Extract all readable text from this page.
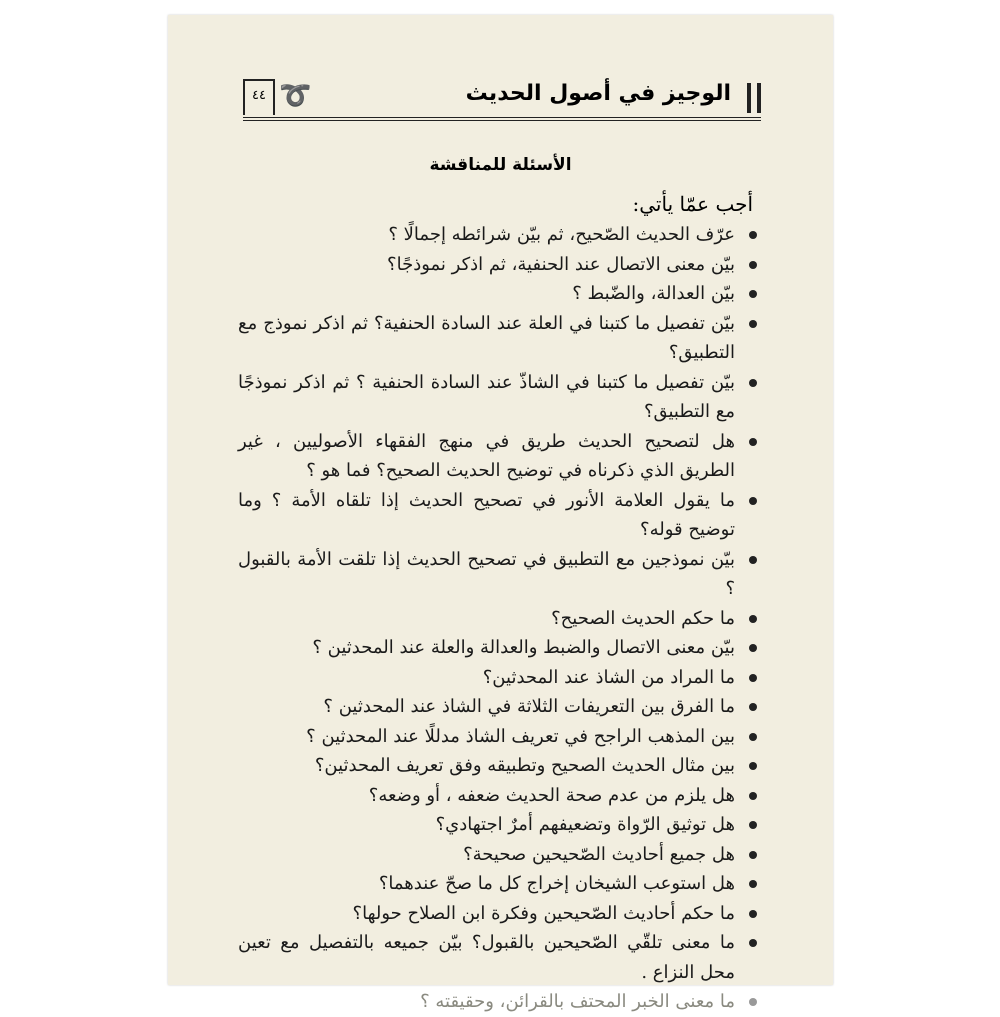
٤٤ ➰	الوجيز في أصول الحديث
الأسئلة للمناقشة
أجب عمّا يأتي:
عرّف الحديث الصّحيح، ثم بيّن شرائطه إجمالًا ؟
بيّن معنى الاتصال عند الحنفية، ثم اذكر نموذجًا؟
بيّن العدالة، والضّبط ؟
بيّن تفصيل ما كتبنا في العلة عند السادة الحنفية؟ ثم اذكر نموذج مع التطبيق؟
بيّن تفصيل ما كتبنا في الشاذّ عند السادة الحنفية ؟ ثم اذكر نموذجًا مع التطبيق؟
هل لتصحيح الحديث طريق في منهج الفقهاء الأصوليين ، غير الطريق الذي ذكرناه في توضيح الحديث الصحيح؟ فما هو ؟
ما يقول العلامة الأنور في تصحيح الحديث إذا تلقاه الأمة ؟ وما توضيح قوله؟
بيّن نموذجين مع التطبيق في تصحيح الحديث إذا تلقت الأمة بالقبول ؟
ما حكم الحديث الصحيح؟
بيّن معنى الاتصال والضبط والعدالة والعلة عند المحدثين ؟
ما المراد من الشاذ عند المحدثين؟
ما الفرق بين التعريفات الثلاثة في الشاذ عند المحدثين ؟
بين المذهب الراجح في تعريف الشاذ مدللًا عند المحدثين ؟
بين مثال الحديث الصحيح وتطبيقه وفق تعريف المحدثين؟
هل يلزم من عدم صحة الحديث ضعفه ، أو وضعه؟
هل توثيق الرّواة وتضعيفهم أمرٌ اجتهادي؟
هل جميع أحاديث الصّحيحين صحيحة؟
هل استوعب الشيخان إخراج كل ما صحّ عندهما؟
ما حكم أحاديث الصّحيحين وفكرة ابن الصلاح حولها؟
ما معنى تلقّي الصّحيحين بالقبول؟ بيّن جميعه بالتفصيل مع تعين محل النزاع .
ما معنى الخبر المحتف بالقرائن، وحقيقته ؟
